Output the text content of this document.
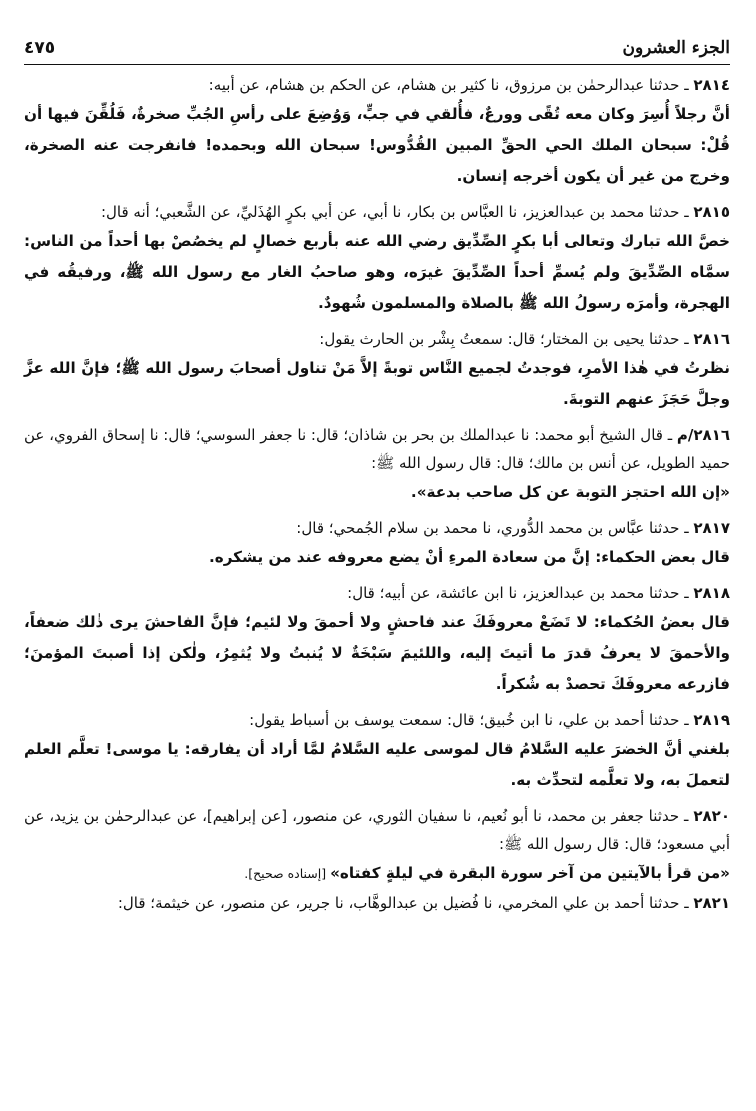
الجزء العشرون
٤٧٥

٢٨١٤ ـ حدثنا عبدالرحمٰن بن مرزوق، نا كثير بن هشام، عن الحكم بن هشام، عن أبيه:

أنَّ رجلاً أُسِرَ وكان معه تُقًى وورعٌ، فأُلقي في جبٍّ، وَوُضِعَ على رأسِ الجُبِّ صخرةٌ، فَلُقِّنَ فيها أن قُلْ: سبحان الملك الحي الحقِّ المبين القُدُّوس! سبحان الله وبحمده! فانفرجت عنه الصخرة، وخرج من غير أن يكون أخرجه إنسان.

٢٨١٥ ـ حدثنا محمد بن عبدالعزيز، نا العبَّاس بن بكار، نا أبي، عن أبي بكرٍ الهُذَليِّ، عن الشَّعبي؛ أنه قال:

خصَّ الله تبارك وتعالى أبا بكرٍ الصِّدِّيق رضي الله عنه بأربع خصالٍ لم يخصُصْ بها أحداً من الناس: سمَّاه الصِّدِّيقَ ولم يُسمِّ أحداً الصِّدِّيقَ غيرَه، وهو صاحبُ الغار مع رسول الله ﷺ، ورفيقُه في الهجرة، وأمرَه رسولُ الله ﷺ بالصلاة والمسلمون شُهودٌ.

٢٨١٦ ـ حدثنا يحيى بن المختار؛ قال: سمعتُ بِشْر بن الحارث يقول:

نظرتُ في هٰذا الأمرِ، فوجدتُ لجميع النَّاس توبةً إلاَّ مَنْ تناول أصحابَ رسول الله ﷺ؛ فإنَّ الله عزَّ وجلَّ حَجَزَ عنهم التوبةَ.

٢٨١٦/م ـ قال الشيخ أبو محمد: نا عبدالملك بن بحر بن شاذان؛ قال: نا جعفر السوسي؛ قال: نا إسحاق الفروي، عن حميد الطويل، عن أنس بن مالك؛ قال: قال رسول الله ﷺ:

«إن الله احتجز التوبة عن كل صاحب بدعة».

٢٨١٧ ـ حدثنا عبَّاس بن محمد الدُّوري، نا محمد بن سلام الجُمحي؛ قال:

قال بعض الحكماء: إنَّ من سعادة المرءِ أنْ يضع معروفه عند من يشكره.

٢٨١٨ ـ حدثنا محمد بن عبدالعزيز، نا ابن عائشة، عن أبيه؛ قال:

قال بعضُ الحُكماء: لا تَضَعْ معروفَكَ عند فاحشٍ ولا أحمقَ ولا لئيم؛ فإنَّ الفاحشَ يرى ذٰلك ضعفاً، والأحمقَ لا يعرفُ قدرَ ما أتيتَ إليه، واللئيمَ سَبْخَةٌ لا يُنبتُ ولا يُثمِرُ، ولٰكن إذا أصبتَ المؤمنَ؛ فازرعه معروفَكَ تحصدْ به شُكراً.

٢٨١٩ ـ حدثنا أحمد بن علي، نا ابن خُبيق؛ قال: سمعت يوسف بن أسباط يقول:

بلغني أنَّ الخضرَ عليه السَّلامُ قال لموسى عليه السَّلامُ لمَّا أراد أن يفارقه: يا موسى! تعلَّم العلم لتعملَ به، ولا تعلَّمه لتحدِّث به.

٢٨٢٠ ـ حدثنا جعفر بن محمد، نا أبو نُعيم، نا سفيان الثوري، عن منصور، [عن إبراهيم]، عن عبدالرحمٰن بن يزيد، عن أبي مسعود؛ قال: قال رسول الله ﷺ:

«من قرأ بالآيتين من آخر سورة البقرة في ليلةٍ كفتاه» [إسناده صحيح].

٢٨٢١ ـ حدثنا أحمد بن علي المخرمي، نا فُضيل بن عبدالوهَّاب، نا جرير، عن منصور، عن خيثمة؛ قال:
